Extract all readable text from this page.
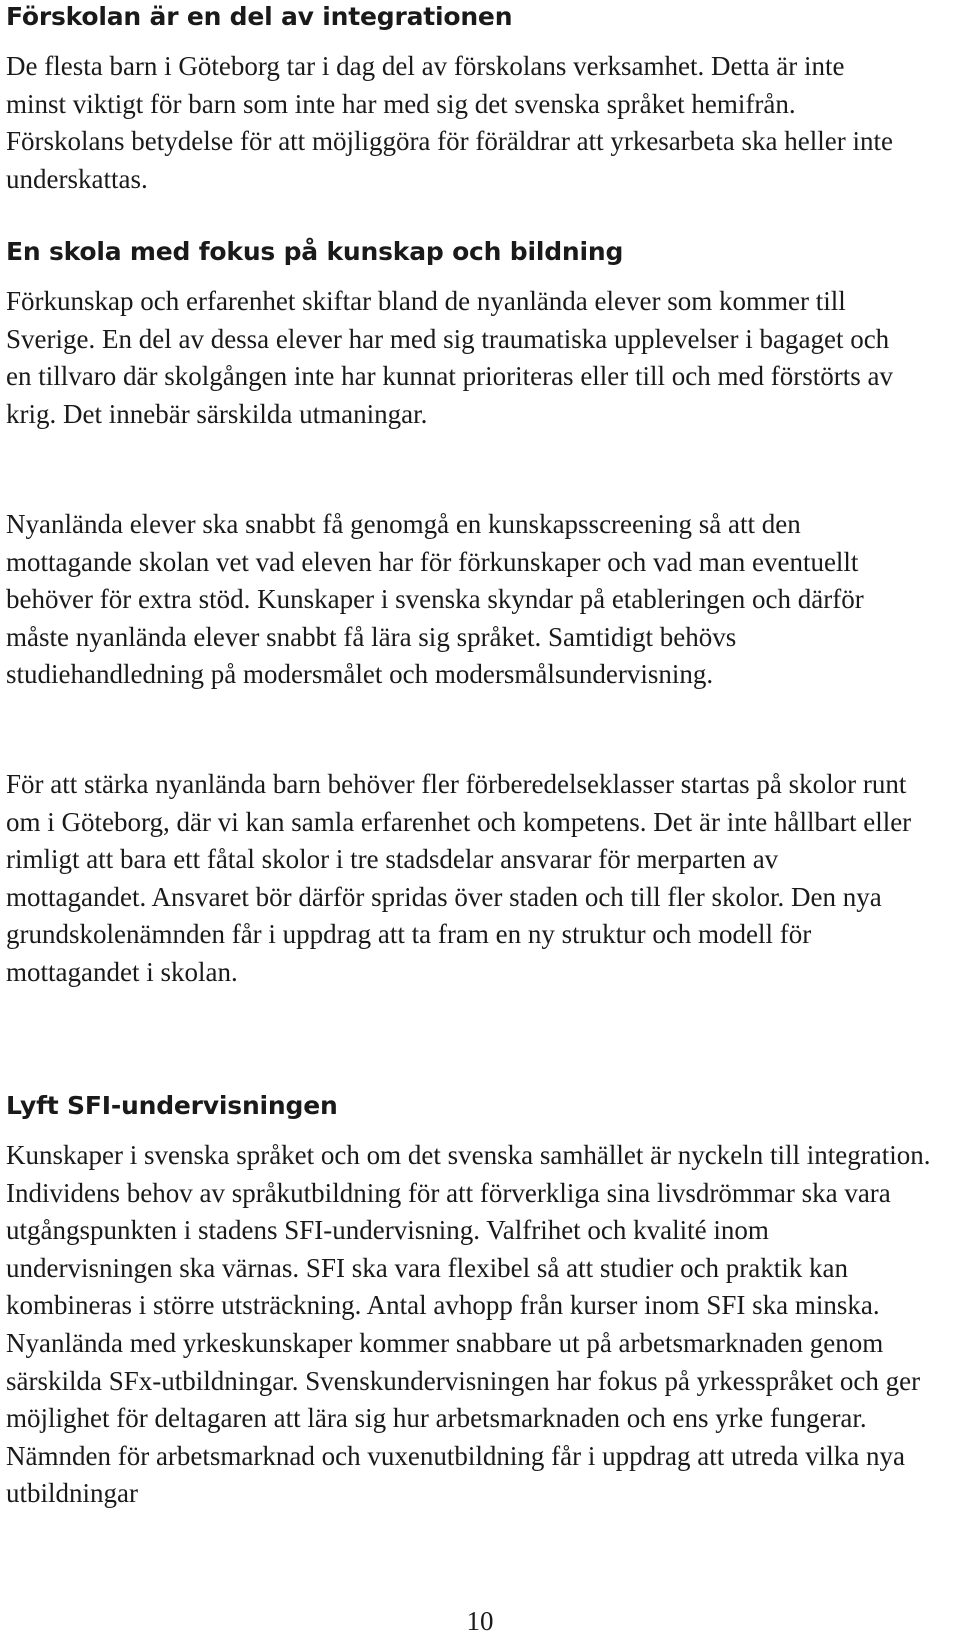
Förskolan är en del av integrationen

De flesta barn i Göteborg tar i dag del av förskolans verksamhet. Detta är inte minst viktigt för barn som inte har med sig det svenska språket hemifrån. Förskolans betydelse för att möjliggöra för föräldrar att yrkesarbeta ska heller inte underskattas.

En skola med fokus på kunskap och bildning

Förkunskap och erfarenhet skiftar bland de nyanlända elever som kommer till Sverige. En del av dessa elever har med sig traumatiska upplevelser i bagaget och en tillvaro där skolgången inte har kunnat prioriteras eller till och med förstörts av krig. Det innebär särskilda utmaningar.

Nyanlända elever ska snabbt få genomgå en kunskapsscreening så att den mottagande skolan vet vad eleven har för förkunskaper och vad man eventuellt behöver för extra stöd. Kunskaper i svenska skyndar på etableringen och därför måste nyanlända elever snabbt få lära sig språket. Samtidigt behövs studiehandledning på modersmålet och modersmålsundervisning.

För att stärka nyanlända barn behöver fler förberedelseklasser startas på skolor runt om i Göteborg, där vi kan samla erfarenhet och kompetens. Det är inte hållbart eller rimligt att bara ett fåtal skolor i tre stadsdelar ansvarar för merparten av mottagandet. Ansvaret bör därför spridas över staden och till fler skolor. Den nya grundskolenämnden får i uppdrag att ta fram en ny struktur och modell för mottagandet i skolan.

Lyft SFI-undervisningen

Kunskaper i svenska språket och om det svenska samhället är nyckeln till integration. Individens behov av språkutbildning för att förverkliga sina livsdrömmar ska vara utgångspunkten i stadens SFI-undervisning. Valfrihet och kvalité inom undervisningen ska värnas. SFI ska vara flexibel så att studier och praktik kan kombineras i större utsträckning. Antal avhopp från kurser inom SFI ska minska. Nyanlända med yrkeskunskaper kommer snabbare ut på arbetsmarknaden genom särskilda SFx-utbildningar. Svenskundervisningen har fokus på yrkesspråket och ger möjlighet för deltagaren att lära sig hur arbetsmarknaden och ens yrke fungerar. Nämnden för arbetsmarknad och vuxenutbildning får i uppdrag att utreda vilka nya utbildningar

10
